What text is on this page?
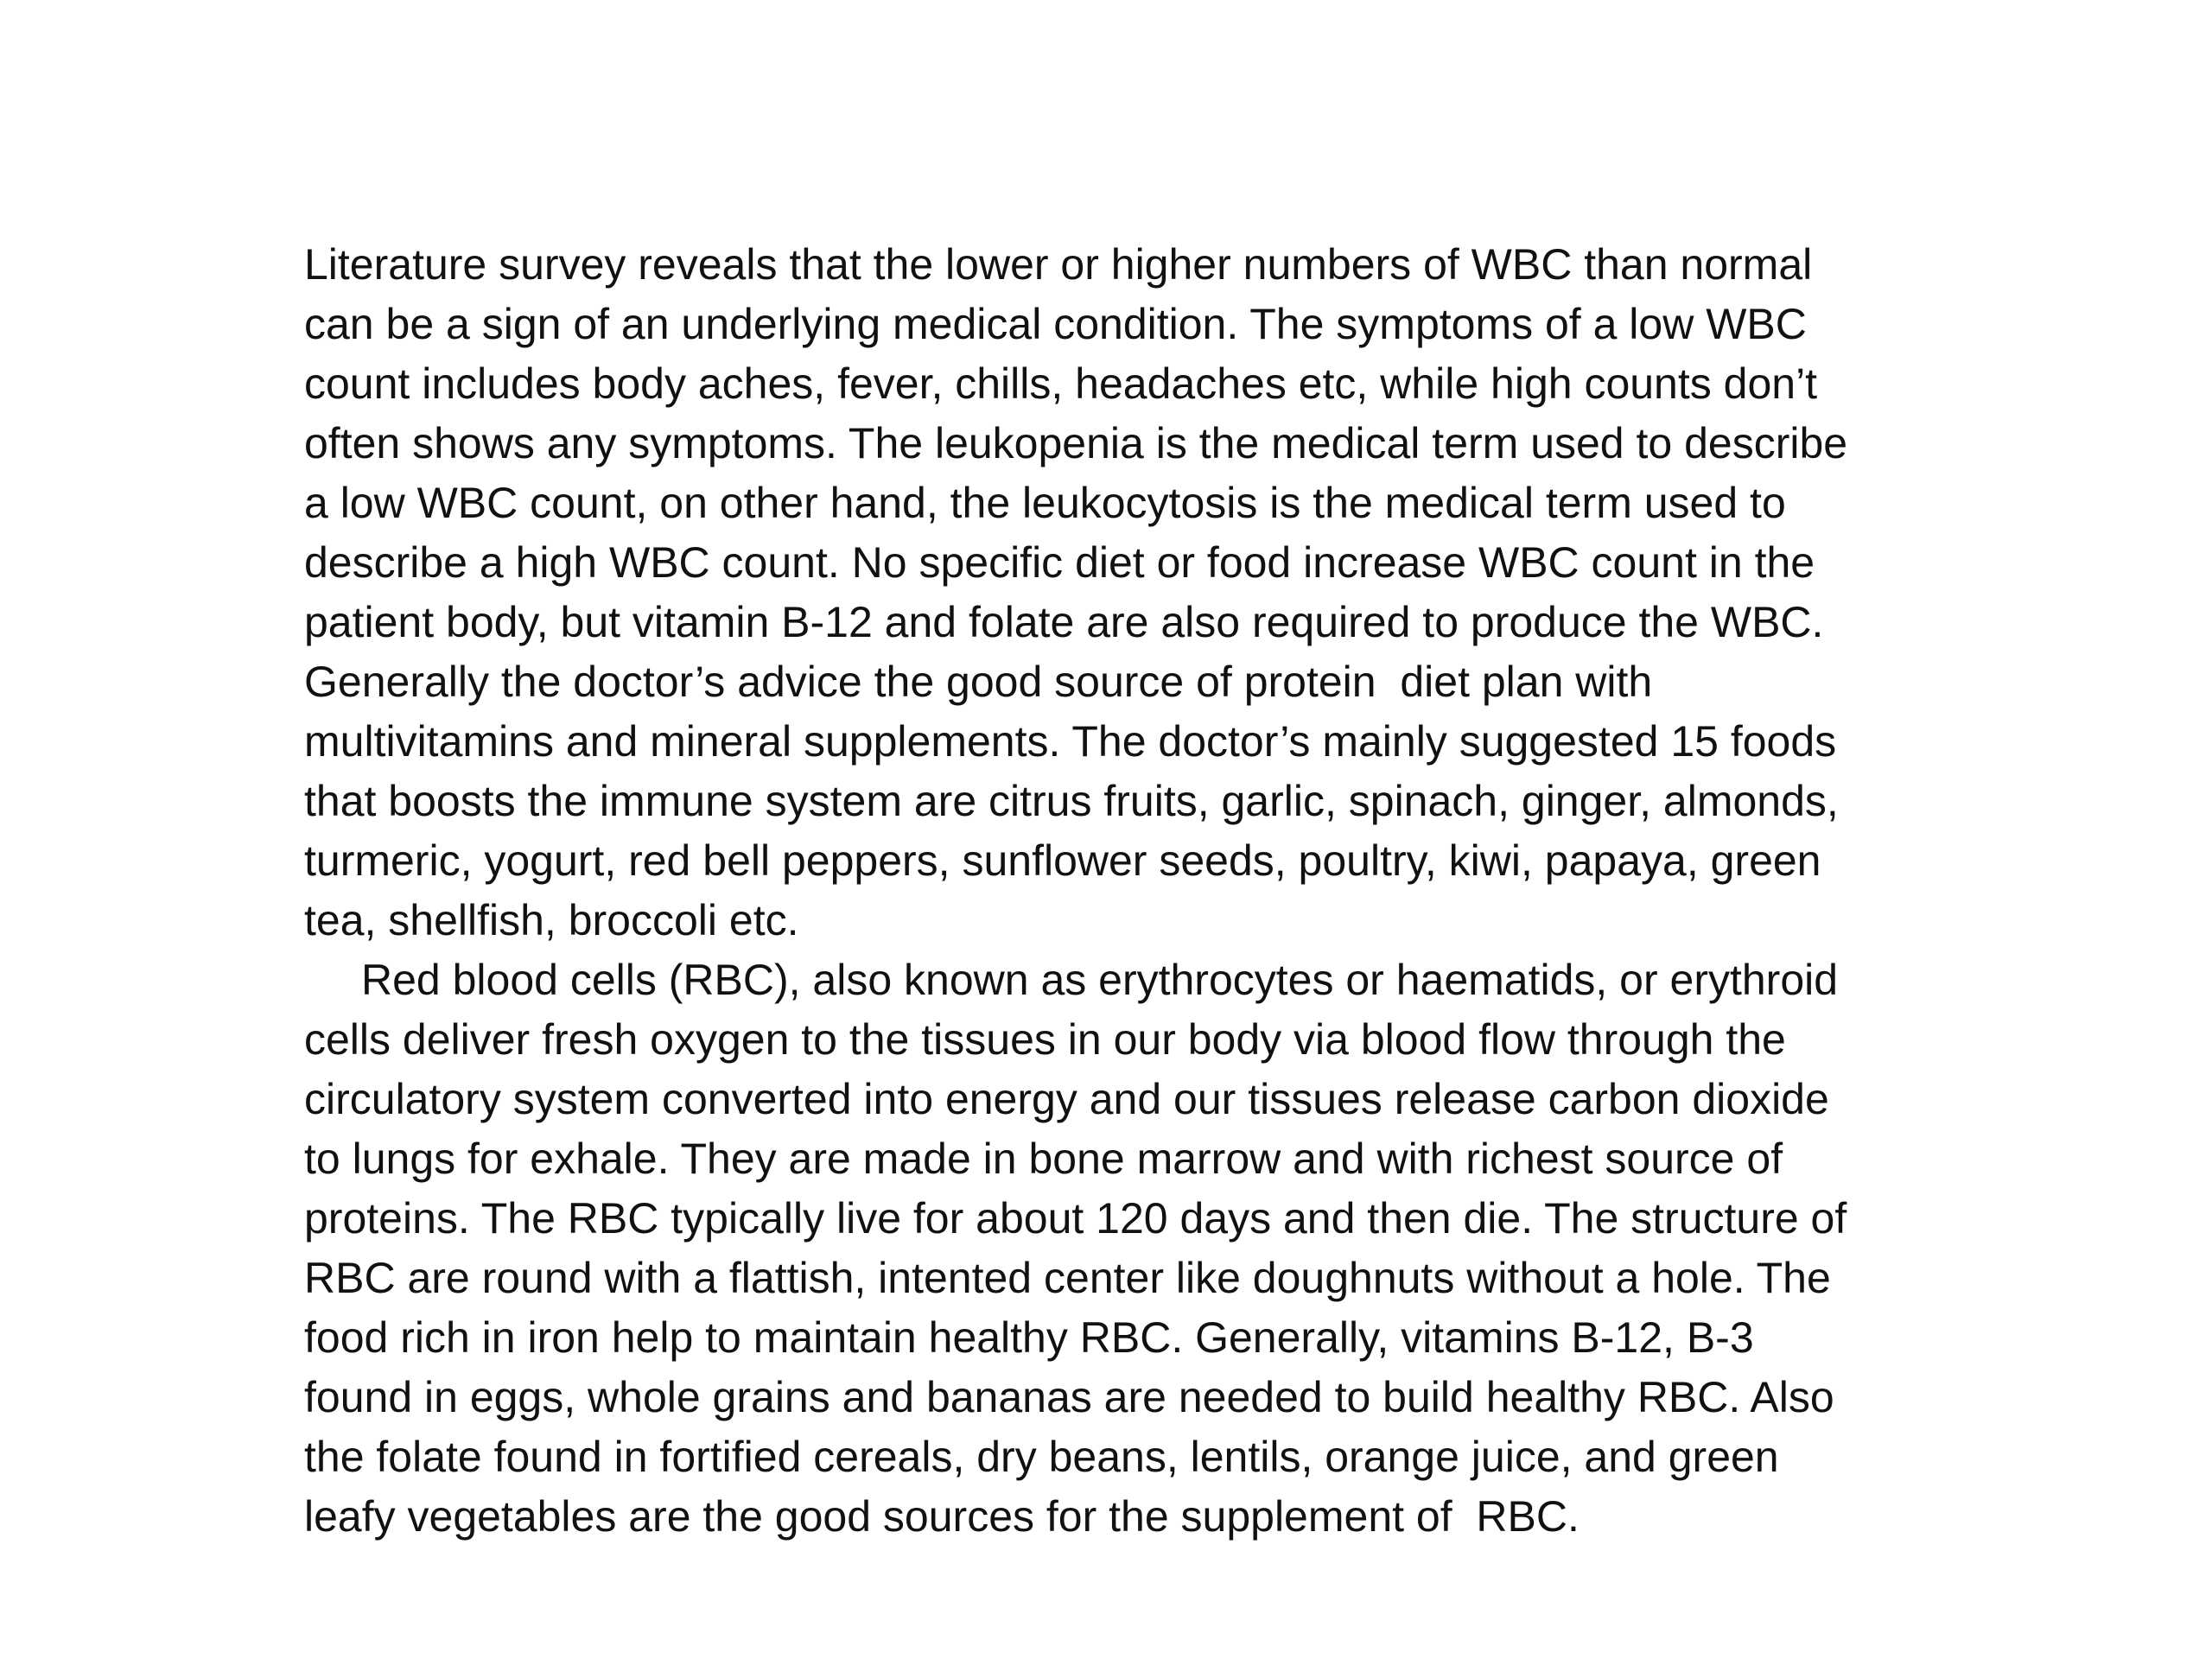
Literature survey reveals that the lower or higher numbers of WBC than normal
can be a sign of an underlying medical condition. The symptoms of a low WBC
count includes body aches, fever, chills, headaches etc, while high counts don’t
often shows any symptoms. The leukopenia is the medical term used to describe
a low WBC count, on other hand, the leukocytosis is the medical term used to
describe a high WBC count. No specific diet or food increase WBC count in the
patient body, but vitamin B-12 and folate are also required to produce the WBC.
Generally the doctor’s advice the good source of protein  diet plan with
multivitamins and mineral supplements. The doctor’s mainly suggested 15 foods
that boosts the immune system are citrus fruits, garlic, spinach, ginger, almonds,
turmeric, yogurt, red bell peppers, sunflower seeds, poultry, kiwi, papaya, green
tea, shellfish, broccoli etc.
Red blood cells (RBC), also known as erythrocytes or haematids, or erythroid
cells deliver fresh oxygen to the tissues in our body via blood flow through the
circulatory system converted into energy and our tissues release carbon dioxide
to lungs for exhale. They are made in bone marrow and with richest source of
proteins. The RBC typically live for about 120 days and then die. The structure of
RBC are round with a flattish, intented center like doughnuts without a hole. The
food rich in iron help to maintain healthy RBC. Generally, vitamins B-12, B-3
found in eggs, whole grains and bananas are needed to build healthy RBC. Also
the folate found in fortified cereals, dry beans, lentils, orange juice, and green
leafy vegetables are the good sources for the supplement of  RBC.
